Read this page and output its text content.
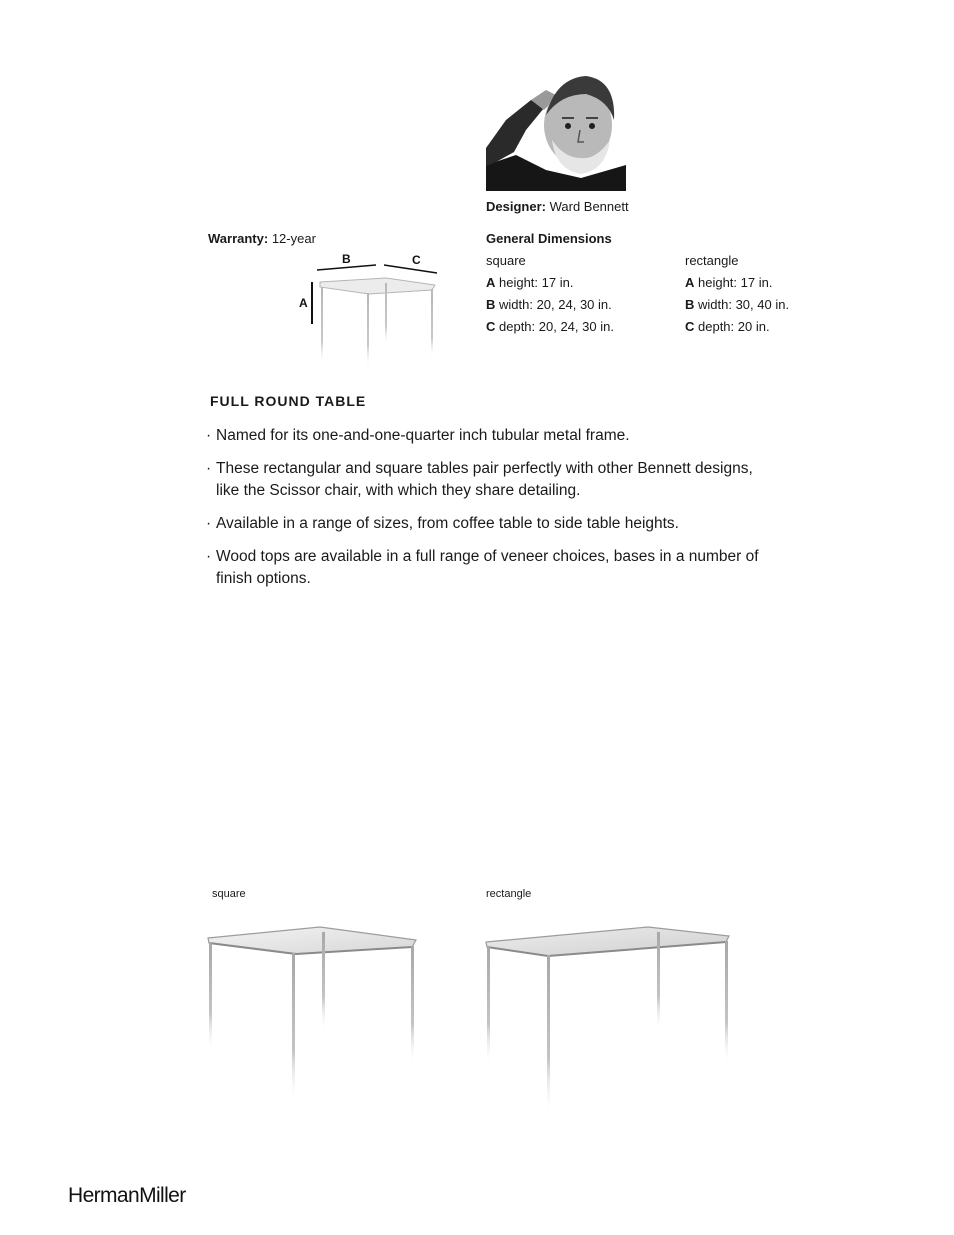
Designer: Ward Bennett
Warranty: 12-year
B	C
A
General Dimensions
square
A height: 17 in.
B width: 20, 24, 30 in.
C depth: 20, 24, 30 in.
rectangle
A height: 17 in.
B width: 30, 40 in.
C depth: 20 in.
FULL ROUND TABLE
· Named for its one-and-one-quarter inch tubular metal frame.
· These rectangular and square tables pair perfectly with other Bennett designs, like the Scissor chair, with which they share detailing.
· Available in a range of sizes, from coffee table to side table heights.
· Wood tops are available in a full range of veneer choices, bases in a number of finish options.
square	rectangle
HermanMiller
